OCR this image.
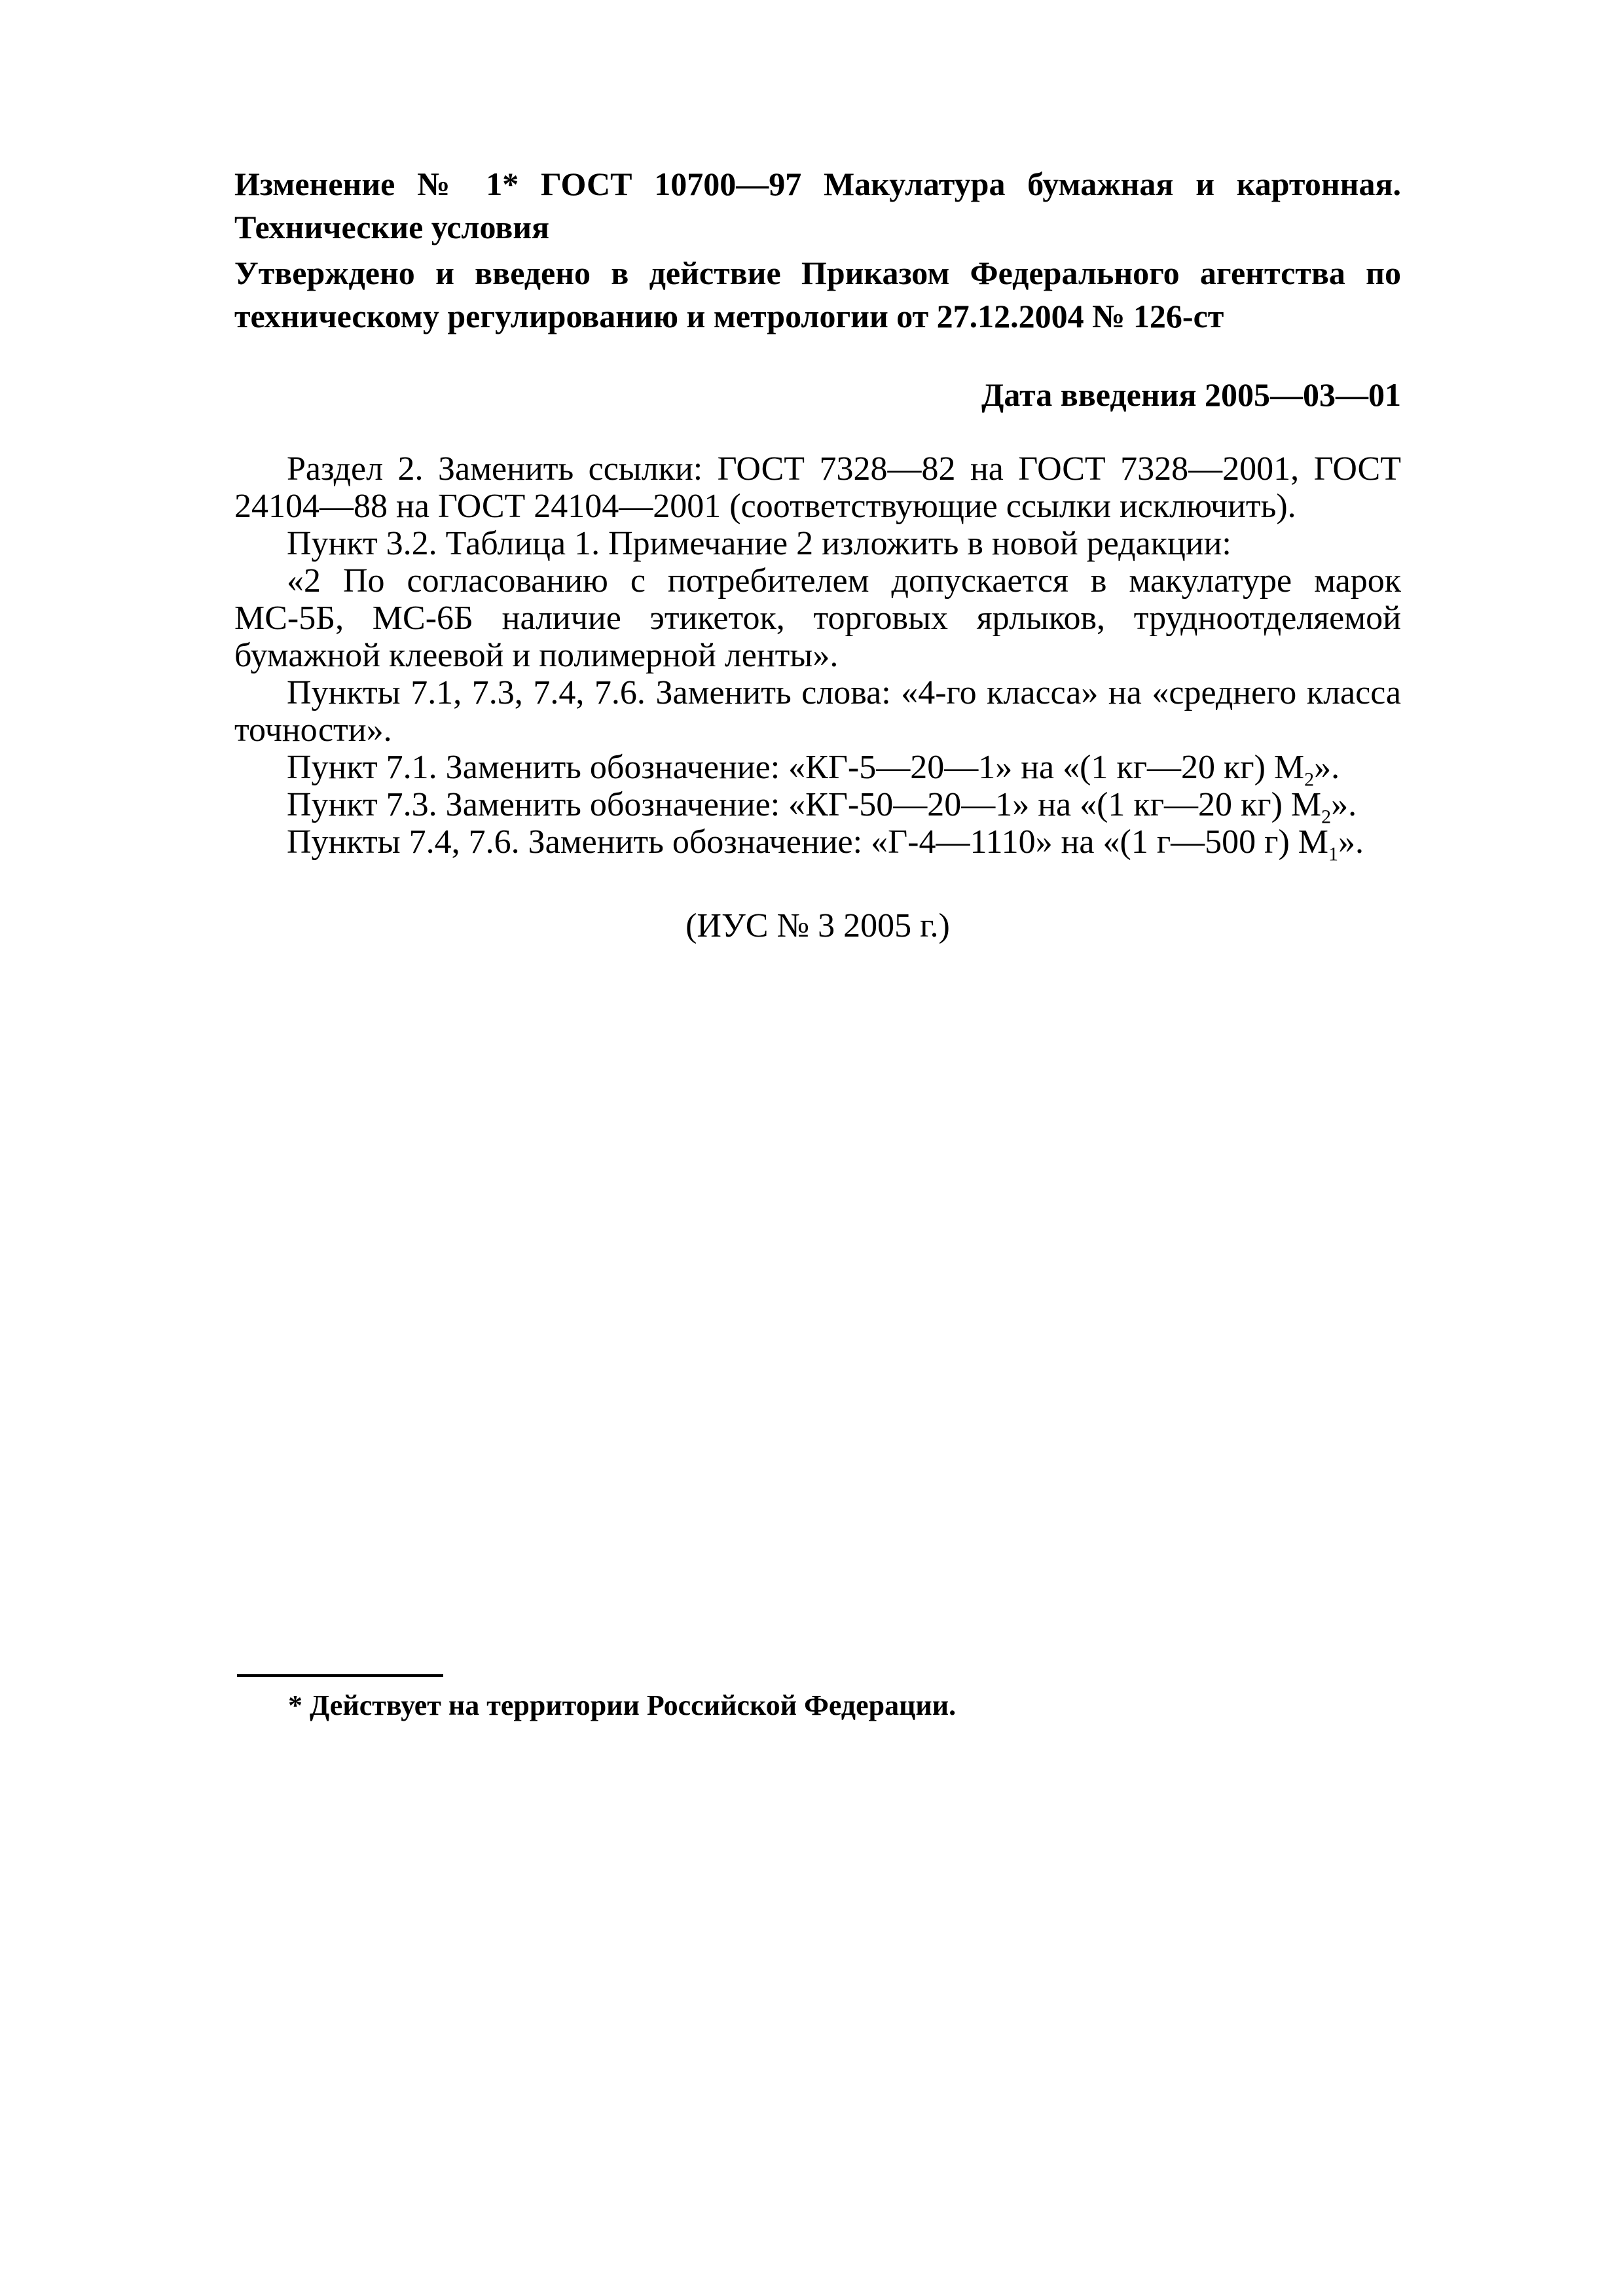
Изменение № 1* ГОСТ 10700—97 Макулатура бумажная и картонная. Технические условия
Утверждено и введено в действие Приказом Федерального агентства по техническому регулированию и метрологии от 27.12.2004 № 126-ст
Дата введения 2005—03—01

Раздел 2. Заменить ссылки: ГОСТ 7328—82 на ГОСТ 7328—2001, ГОСТ 24104—88 на ГОСТ 24104—2001 (соответствующие ссылки исключить).

Пункт 3.2. Таблица 1. Примечание 2 изложить в новой редакции:

«2 По согласованию с потребителем допускается в макулатуре марок МС-5Б, МС-6Б наличие этикеток, торговых ярлыков, трудноотделяемой бумажной клеевой и полимерной ленты».

Пункты 7.1, 7.3, 7.4, 7.6. Заменить слова: «4-го класса» на «среднего класса точности».

Пункт 7.1. Заменить обозначение: «КГ-5—20—1» на «(1 кг—20 кг) $М_2$».

Пункт 7.3. Заменить обозначение: «КГ-50—20—1» на «(1 кг—20 кг) $М_2$».

Пункты 7.4, 7.6. Заменить обозначение: «Г-4—1110» на «(1 г—500 г) $М_1$».

(ИУС № 3 2005 г.)
* Действует на территории Российской Федерации.
